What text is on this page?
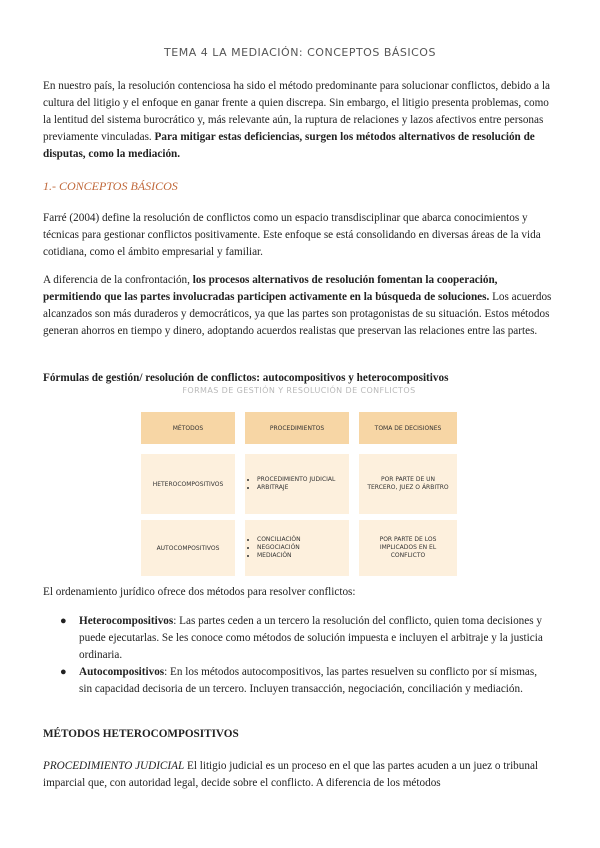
TEMA 4 LA MEDIACIÓN: CONCEPTOS BÁSICOS

En nuestro país, la resolución contenciosa ha sido el método predominante para solucionar conflictos, debido a la cultura del litigio y el enfoque en ganar frente a quien discrepa. Sin embargo, el litigio presenta problemas, como la lentitud del sistema burocrático y, más relevante aún, la ruptura de relaciones y lazos afectivos entre personas previamente vinculadas. Para mitigar estas deficiencias, surgen los métodos alternativos de resolución de disputas, como la mediación.

1.- CONCEPTOS BÁSICOS

Farré (2004) define la resolución de conflictos como un espacio transdisciplinar que abarca conocimientos y técnicas para gestionar conflictos positivamente. Este enfoque se está consolidando en diversas áreas de la vida cotidiana, como el ámbito empresarial y familiar.

A diferencia de la confrontación, los procesos alternativos de resolución fomentan la cooperación, permitiendo que las partes involucradas participen activamente en la búsqueda de soluciones. Los acuerdos alcanzados son más duraderos y democráticos, ya que las partes son protagonistas de su situación. Estos métodos generan ahorros en tiempo y dinero, adoptando acuerdos realistas que preservan las relaciones entre las partes.

Fórmulas de gestión/ resolución de conflictos: autocompositivos y heterocompositivos
FORMAS DE GESTIÓN Y RESOLUCIÓN DE CONFLICTOS
MÉTODOS	PROCEDIMIENTOS	TOMA DE DECISIONES
HETEROCOMPOSITIVOS
• PROCEDIMIENTO JUDICIAL
• ARBITRAJE
POR PARTE DE UN TERCERO, JUEZ O ÁRBITRO
AUTOCOMPOSITIVOS
• CONCILIACIÓN
• NEGOCIACIÓN
• MEDIACIÓN
POR PARTE DE LOS IMPLICADOS EN EL CONFLICTO

El ordenamiento jurídico ofrece dos métodos para resolver conflictos:

● Heterocompositivos: Las partes ceden a un tercero la resolución del conflicto, quien toma decisiones y puede ejecutarlas. Se les conoce como métodos de solución impuesta e incluyen el arbitraje y la justicia ordinaria.
● Autocompositivos: En los métodos autocompositivos, las partes resuelven su conflicto por sí mismas, sin capacidad decisoria de un tercero. Incluyen transacción, negociación, conciliación y mediación.
MÉTODOS HETEROCOMPOSITIVOS

PROCEDIMIENTO JUDICIAL El litigio judicial es un proceso en el que las partes acuden a un juez o tribunal imparcial que, con autoridad legal, decide sobre el conflicto. A diferencia de los métodos
